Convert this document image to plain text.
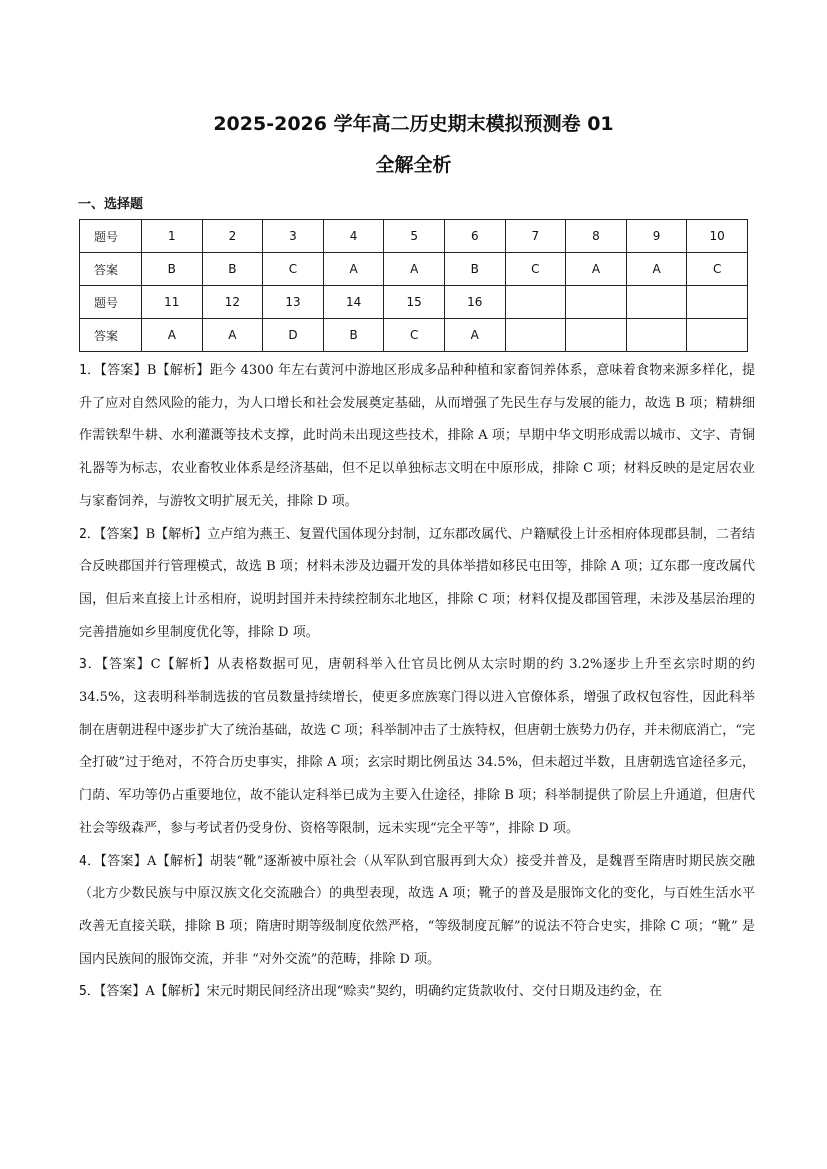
2025-2026 学年高二历史期末模拟预测卷 01
全解全析
一、选择题
题号	1	2	3	4	5	6	7	8	9	10
答案	B	B	C	A	A	B	C	A	A	C
题号	11	12	13	14	15	16				
答案	A	A	D	B	C	A				
1．【答案】B【解析】距今 4300 年左右黄河中游地区形成多品种种植和家畜饲养体系，意味着食物来源多样化，提升了应对自然风险的能力，为人口增长和社会发展奠定基础，从而增强了先民生存与发展的能力，故选 B 项；精耕细作需铁犁牛耕、水利灌溉等技术支撑，此时尚未出现这些技术，排除 A 项；早期中华文明形成需以城市、文字、青铜礼器等为标志，农业畜牧业体系是经济基础，但不足以单独标志文明在中原形成，排除 C 项；材料反映的是定居农业与家畜饲养，与游牧文明扩展无关，排除 D 项。
2．【答案】B【解析】立卢绾为燕王、复置代国体现分封制，辽东郡改属代、户籍赋役上计丞相府体现郡县制，二者结合反映郡国并行管理模式，故选 B 项；材料未涉及边疆开发的具体举措如移民屯田等，排除 A 项；辽东郡一度改属代国，但后来直接上计丞相府，说明封国并未持续控制东北地区，排除 C 项；材料仅提及郡国管理，未涉及基层治理的完善措施如乡里制度优化等，排除 D 项。
3．【答案】C【解析】从表格数据可见，唐朝科举入仕官员比例从太宗时期的约 3.2%逐步上升至玄宗时期的约 34.5%，这表明科举制选拔的官员数量持续增长，使更多庶族寒门得以进入官僚体系，增强了政权包容性，因此科举制在唐朝进程中逐步扩大了统治基础，故选 C 项；科举制冲击了士族特权，但唐朝士族势力仍存，并未彻底消亡，“完全打破”过于绝对，不符合历史事实，排除 A 项；玄宗时期比例虽达 34.5%，但未超过半数，且唐朝选官途径多元，门荫、军功等仍占重要地位，故不能认定科举已成为主要入仕途径，排除 B 项；科举制提供了阶层上升通道，但唐代社会等级森严，参与考试者仍受身份、资格等限制，远未实现“完全平等”，排除 D 项。
4．【答案】A【解析】胡装“靴”逐渐被中原社会（从军队到官服再到大众）接受并普及，是魏晋至隋唐时期民族交融（北方少数民族与中原汉族文化交流融合）的典型表现，故选 A 项；靴子的普及是服饰文化的变化，与百姓生活水平改善无直接关联，排除 B 项；隋唐时期等级制度依然严格，“等级制度瓦解”的说法不符合史实，排除 C 项；“靴” 是国内民族间的服饰交流，并非 “对外交流”的范畴，排除 D 项。
5．【答案】A【解析】宋元时期民间经济出现“赊卖”契约，明确约定货款收付、交付日期及违约金，在
